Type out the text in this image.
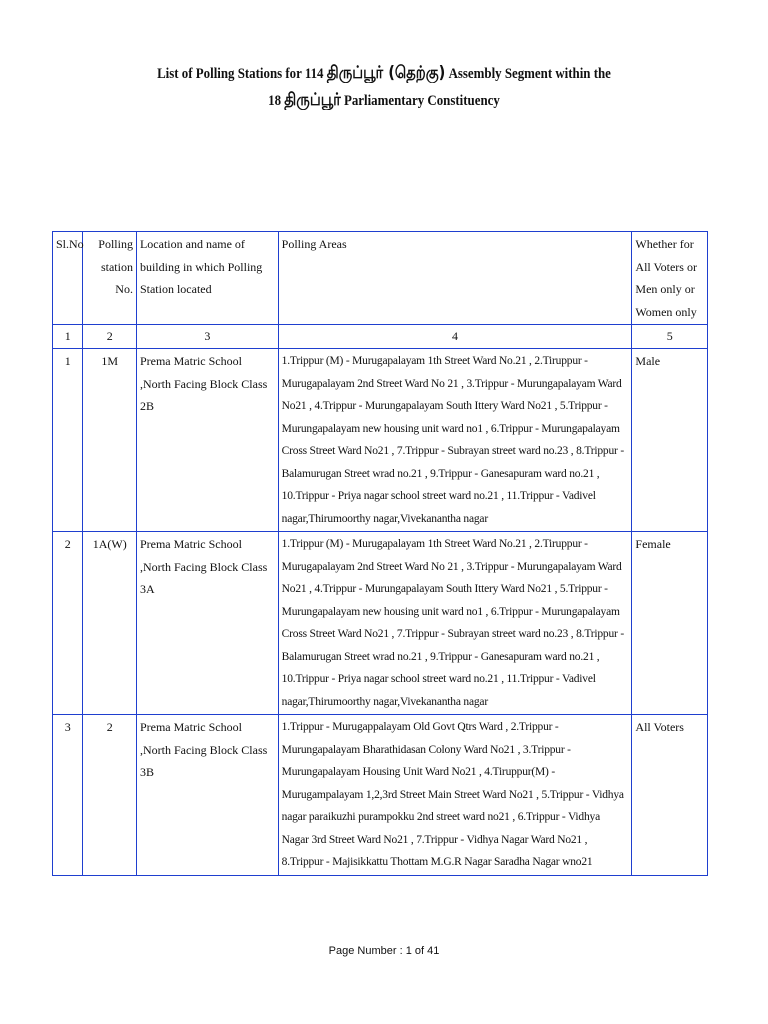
List of Polling Stations for 114 திருப்பூர் (தெற்கு) Assembly Segment within the
18 திருப்பூர் Parliamentary Constituency
Sl.No	Polling station No.	Location and name of building in which Polling Station located	Polling Areas	Whether for All Voters or Men only or Women only
1	2	3	4	5
1	1M	Prema Matric School ,North Facing Block Class 2B	1.Trippur (M) - Murugapalayam 1th Street Ward No.21 , 2.Tiruppur - Murugapalayam 2nd Street Ward No 21 , 3.Trippur - Murungapalayam Ward No21 , 4.Trippur - Murungapalayam South Ittery Ward No21 , 5.Trippur - Murungapalayam new housing unit ward no1 , 6.Trippur - Murungapalayam Cross Street Ward No21 , 7.Trippur - Subrayan street ward no.23 , 8.Trippur - Balamurugan Street wrad no.21 , 9.Trippur - Ganesapuram ward no.21 , 10.Trippur - Priya nagar school street ward no.21 , 11.Trippur - Vadivel nagar,Thirumoorthy nagar,Vivekanantha nagar	Male
2	1A(W)	Prema Matric School ,North Facing Block Class 3A	1.Trippur (M) - Murugapalayam 1th Street Ward No.21 , 2.Tiruppur - Murugapalayam 2nd Street Ward No 21 , 3.Trippur - Murungapalayam Ward No21 , 4.Trippur - Murungapalayam South Ittery Ward No21 , 5.Trippur - Murungapalayam new housing unit ward no1 , 6.Trippur - Murungapalayam Cross Street Ward No21 , 7.Trippur - Subrayan street ward no.23 , 8.Trippur - Balamurugan Street wrad no.21 , 9.Trippur - Ganesapuram ward no.21 , 10.Trippur - Priya nagar school street ward no.21 , 11.Trippur - Vadivel nagar,Thirumoorthy nagar,Vivekanantha nagar	Female
3	2	Prema Matric School ,North Facing Block Class 3B	1.Trippur - Murugappalayam Old Govt Qtrs Ward , 2.Trippur - Murungapalayam Bharathidasan Colony Ward No21 , 3.Trippur - Murungapalayam Housing Unit Ward No21 , 4.Tiruppur(M) - Murugampalayam 1,2,3rd Street Main Street Ward No21 , 5.Trippur - Vidhya nagar paraikuzhi purampokku 2nd street ward no21 , 6.Trippur - Vidhya Nagar 3rd Street Ward No21 , 7.Trippur - Vidhya Nagar Ward No21 , 8.Trippur - Majisikkattu Thottam M.G.R Nagar Saradha Nagar wno21	All Voters
Page Number : 1 of 41
